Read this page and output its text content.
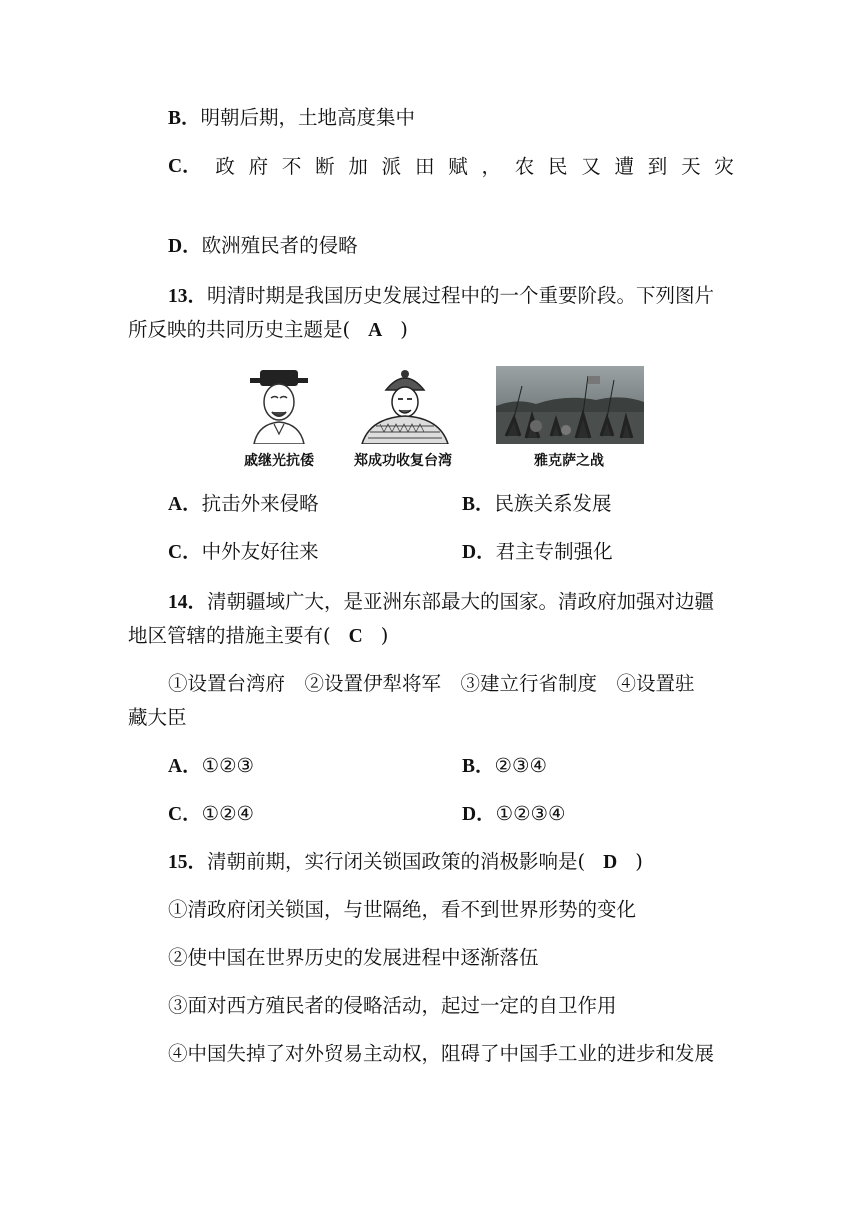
B．明朝后期，土地高度集中
C． 政 府 不 断 加 派 田 赋 ， 农 民 又 遭 到 天 灾
D．欧洲殖民者的侵略
13．明清时期是我国历史发展过程中的一个重要阶段。下列图片
所反映的共同历史主题是( A )
戚继光抗倭	郑成功收复台湾	雅克萨之战
A．抗击外来侵略	B．民族关系发展
C．中外友好往来	D．君主专制强化
14．清朝疆域广大，是亚洲东部最大的国家。清政府加强对边疆
地区管辖的措施主要有( C )
①设置台湾府　②设置伊犁将军　③建立行省制度　④设置驻
藏大臣
A．①②③	B．②③④
C．①②④	D．①②③④
15．清朝前期，实行闭关锁国政策的消极影响是( D )
①清政府闭关锁国，与世隔绝，看不到世界形势的变化
②使中国在世界历史的发展进程中逐渐落伍
③面对西方殖民者的侵略活动，起过一定的自卫作用
④中国失掉了对外贸易主动权，阻碍了中国手工业的进步和发展
